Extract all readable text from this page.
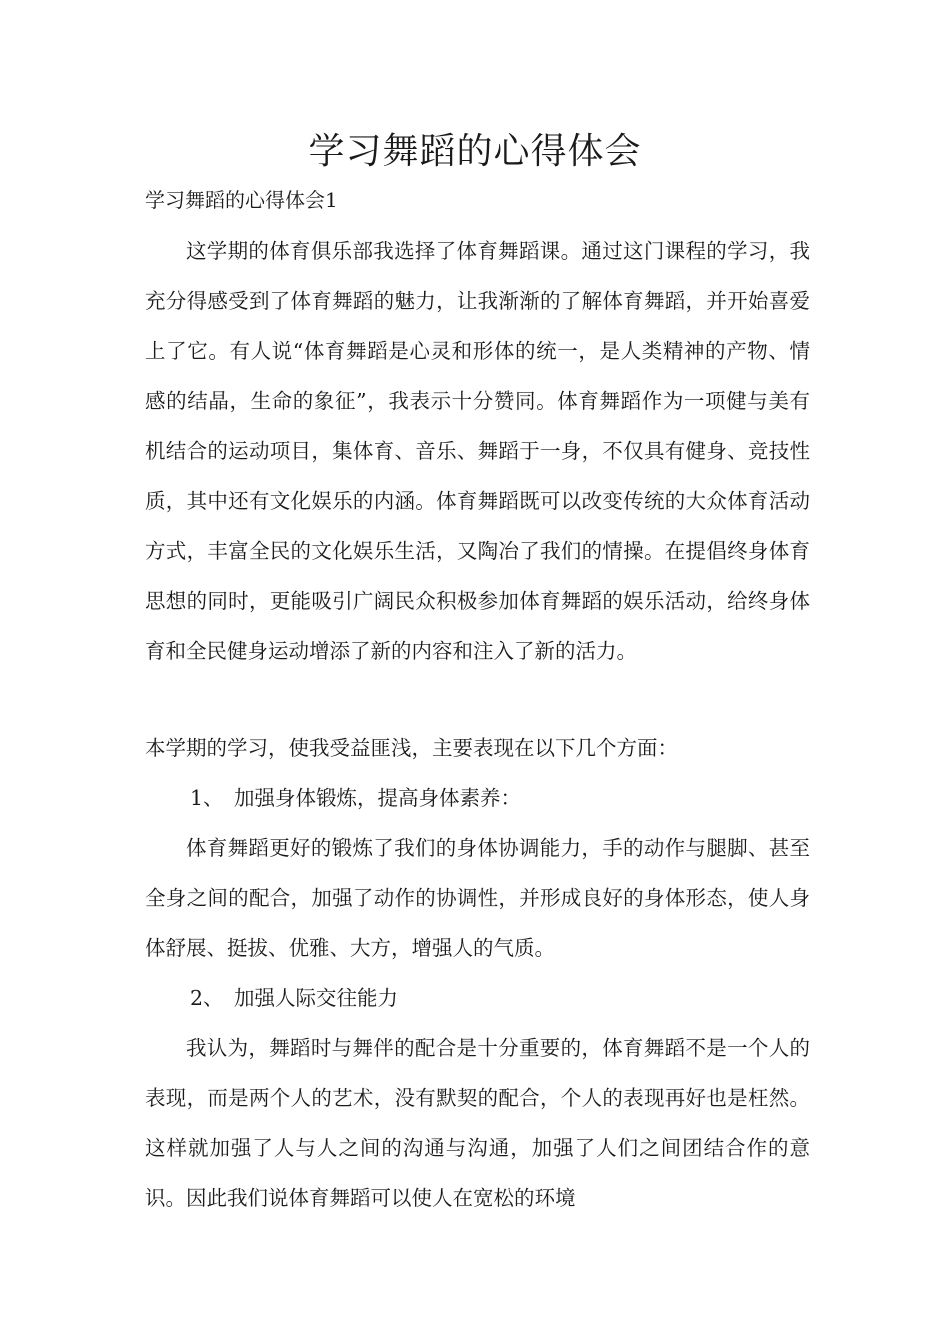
学习舞蹈的心得体会
学习舞蹈的心得体会1

这学期的体育俱乐部我选择了体育舞蹈课。通过这门课程的学习，我充分得感受到了体育舞蹈的魅力，让我渐渐的了解体育舞蹈，并开始喜爱上了它。有人说“体育舞蹈是心灵和形体的统一，是人类精神的产物、情感的结晶，生命的象征”，我表示十分赞同。体育舞蹈作为一项健与美有机结合的运动项目，集体育、音乐、舞蹈于一身，不仅具有健身、竞技性质，其中还有文化娱乐的内涵。体育舞蹈既可以改变传统的大众体育活动方式，丰富全民的文化娱乐生活，又陶冶了我们的情操。在提倡终身体育思想的同时，更能吸引广阔民众积极参加体育舞蹈的娱乐活动，给终身体育和全民健身运动增添了新的内容和注入了新的活力。

本学期的学习，使我受益匪浅，主要表现在以下几个方面：

1、 加强身体锻炼，提高身体素养：

体育舞蹈更好的锻炼了我们的身体协调能力，手的动作与腿脚、甚至全身之间的配合，加强了动作的协调性，并形成良好的身体形态，使人身体舒展、挺拔、优雅、大方，增强人的气质。

2、 加强人际交往能力

我认为，舞蹈时与舞伴的配合是十分重要的，体育舞蹈不是一个人的表现，而是两个人的艺术，没有默契的配合，个人的表现再好也是枉然。这样就加强了人与人之间的沟通与沟通，加强了人们之间团结合作的意识。因此我们说体育舞蹈可以使人在宽松的环境
